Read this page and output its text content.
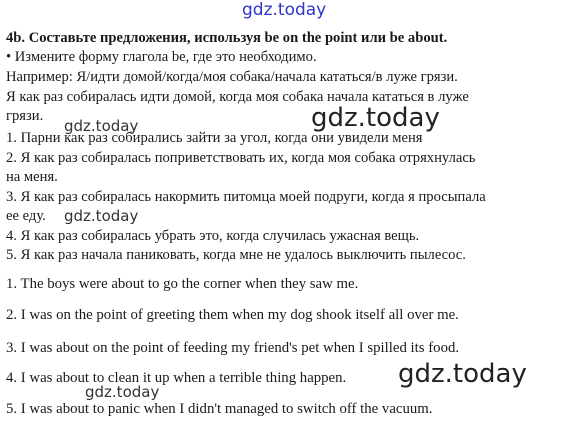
gdz.today
4b. Составьте предложения, используя be on the point или be about.
• Измените форму глагола be, где это необходимо.
Например: Я/идти домой/когда/моя собака/начала кататься/в луже грязи.
Я как раз собиралась идти домой, когда моя собака начала кататься в луже
грязи.	gdz.today
1. Парни как раз собирались зайти за угол, когда они увидели меня
gdz.today
2. Я как раз собиралась поприветствовать их, когда моя собака отряхнулась
на меня.
3. Я как раз собиралась накормить питомца моей подруги, когда я просыпала
ее еду. gdz.today
4. Я как раз собиралась убрать это, когда случилась ужасная вещь.
5. Я как раз начала паниковать, когда мне не удалось выключить пылесос.
1. The boys were about to go the corner when they saw me.
2. I was on the point of greeting them when my dog shook itself all over me.
3. I was about on the point of feeding my friend's pet when I spilled its food.
4. I was about to clean it up when a terrible thing happen. gdz.today
gdz.today
5. I was about to panic when I didn't managed to switch off the vacuum.
